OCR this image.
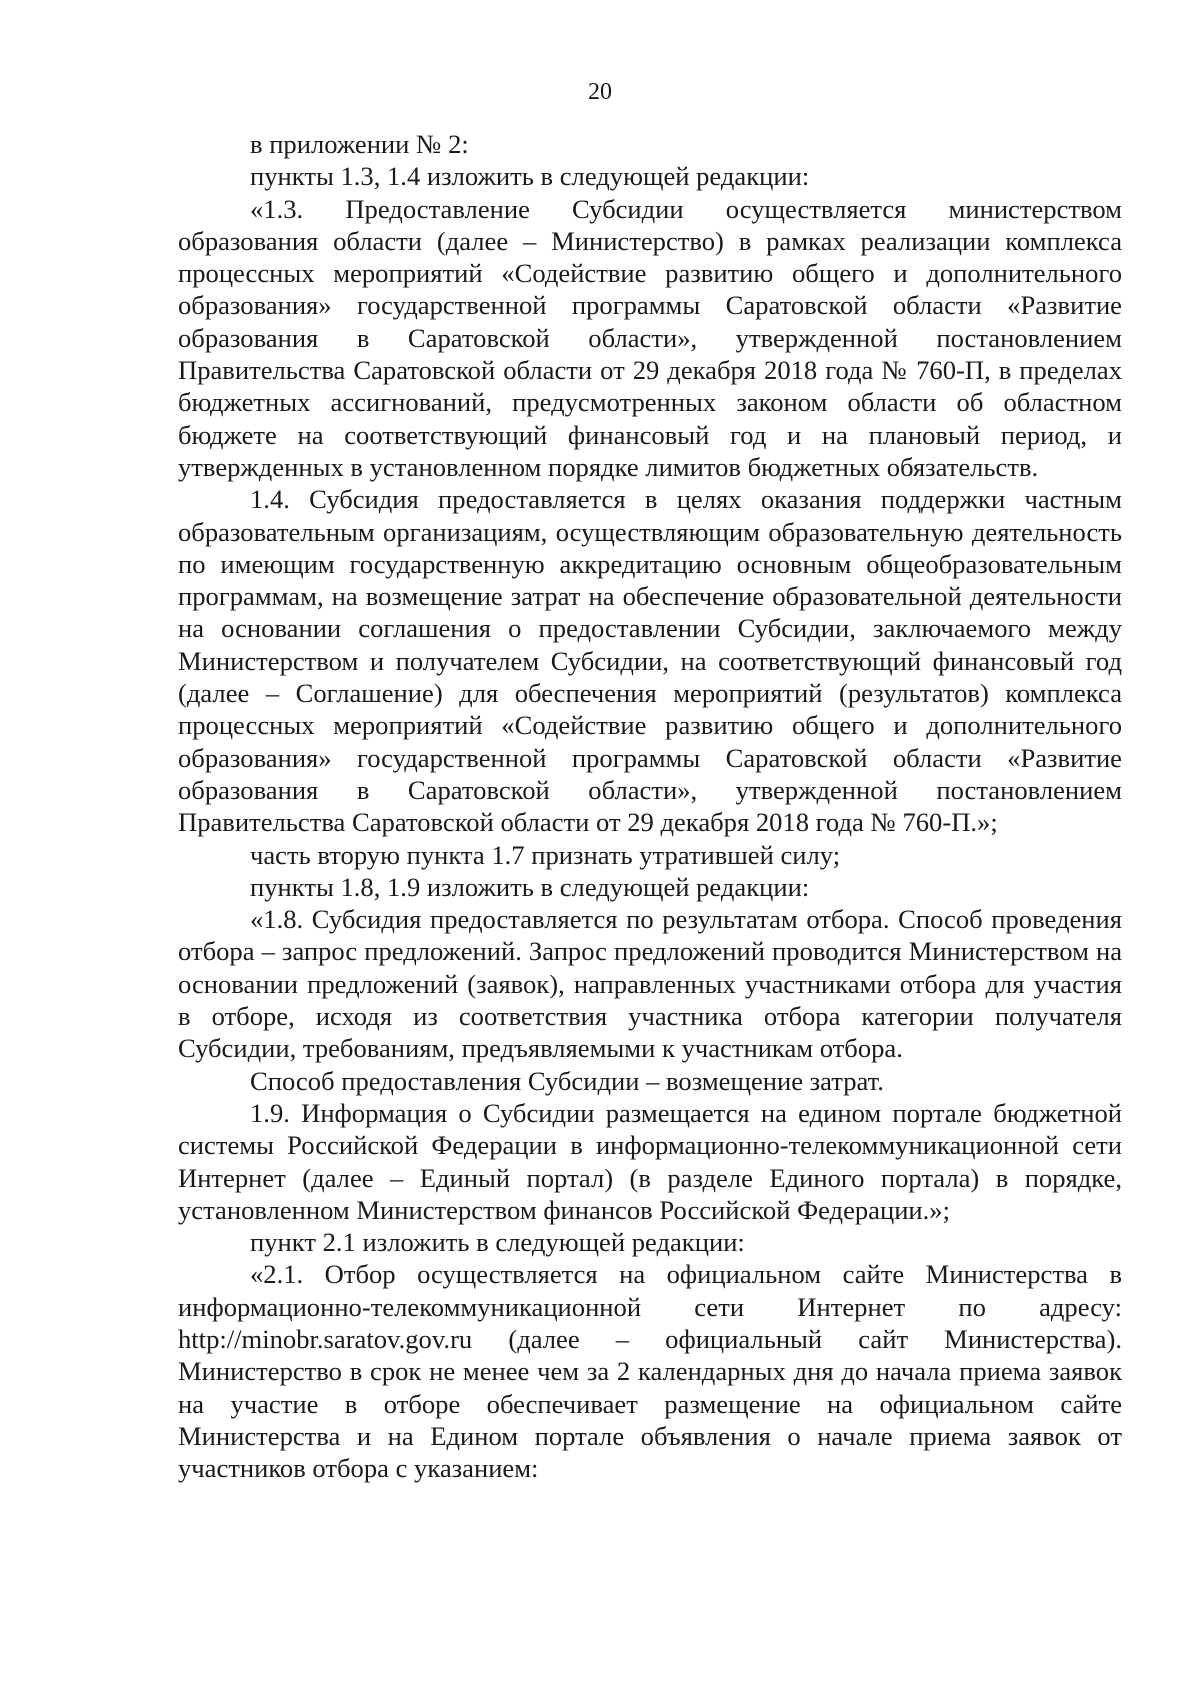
20

в приложении № 2:

пункты 1.3, 1.4 изложить в следующей редакции:

«1.3. Предоставление Субсидии осуществляется министерством образования области (далее – Министерство) в рамках реализации комплекса процессных мероприятий «Содействие развитию общего и дополнительного образования» государственной программы Саратовской области «Развитие образования в Саратовской области», утвержденной постановлением Правительства Саратовской области от 29 декабря 2018 года № 760-П, в пределах бюджетных ассигнований, предусмотренных законом области об областном бюджете на соответствующий финансовый год и на плановый период, и утвержденных в установленном порядке лимитов бюджетных обязательств.

1.4. Субсидия предоставляется в целях оказания поддержки частным образовательным организациям, осуществляющим образовательную деятельность по имеющим государственную аккредитацию основным общеобразовательным программам, на возмещение затрат на обеспечение образовательной деятельности на основании соглашения о предоставлении Субсидии, заключаемого между Министерством и получателем Субсидии, на соответствующий финансовый год (далее – Соглашение) для обеспечения мероприятий (результатов) комплекса процессных мероприятий «Содействие развитию общего и дополнительного образования» государственной программы Саратовской области «Развитие образования в Саратовской области», утвержденной постановлением Правительства Саратовской области от 29 декабря 2018 года № 760-П.»;

часть вторую пункта 1.7 признать утратившей силу;

пункты 1.8, 1.9 изложить в следующей редакции:

«1.8. Субсидия предоставляется по результатам отбора. Способ проведения отбора – запрос предложений. Запрос предложений проводится Министерством на основании предложений (заявок), направленных участниками отбора для участия в отборе, исходя из соответствия участника отбора категории получателя Субсидии, требованиям, предъявляемыми к участникам отбора.

Способ предоставления Субсидии – возмещение затрат.

1.9. Информация о Субсидии размещается на едином портале бюджетной системы Российской Федерации в информационно-телекоммуникационной сети Интернет (далее – Единый портал) (в разделе Единого портала) в порядке, установленном Министерством финансов Российской Федерации.»;

пункт 2.1 изложить в следующей редакции:

«2.1. Отбор осуществляется на официальном сайте Министерства в информационно-телекоммуникационной сети Интернет по адресу: http://minobr.saratov.gov.ru (далее – официальный сайт Министерства). Министерство в срок не менее чем за 2 календарных дня до начала приема заявок на участие в отборе обеспечивает размещение на официальном сайте Министерства и на Едином портале объявления о начале приема заявок от участников отбора с указанием:
